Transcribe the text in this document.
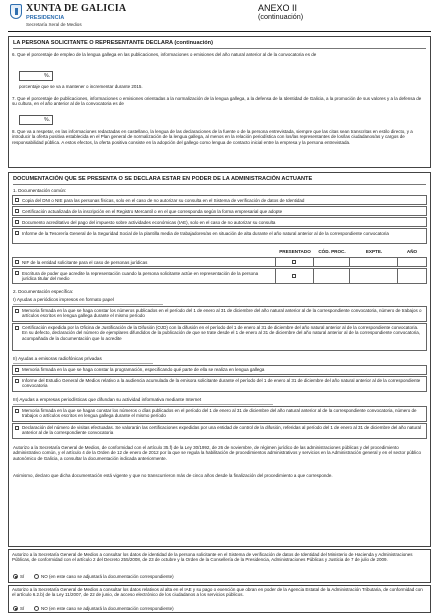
XUNTA DE GALICIA
PRESIDENCIA
Secretaría Xeral de Medios
ANEXO II
(continuación)
LA PERSONA SOLICITANTE O REPRESENTANTE DECLARA (continuación)
6. Que el porcentaje de empleo de la lengua gallega en las publicaciones, informaciones o emisiones del año natural anterior al de la convocatoria es de
%.
porcentaje que se va a mantener o incrementar durante 2015.
7. Que el porcentaje de publicaciones, informaciones o emisiones orientadas a la normalización de la lengua gallega, a la defensa de la Identidad de Galicia, a la promoción de sus valores y a la defensa de su cultura, en el año anterior al de la convocatoria es de
%.
8. Que va a respetar, en las informaciones redactadas en castellano, la lengua de las declaraciones de la fuente o de la persona entrevistada, siempre que las citas sean transcritas en estilo directo, y a introducir la oferta positiva establecida en el Plan general de normalización de la lengua gallega, al menos en la relación periodística con los/las representantes de los/las ciudadanos/as y cargos de responsabilidad pública. A estos efectos, la oferta positiva consiste en la adopción del gallego como lengua de contacto inicial entre la empresa y la persona entrevistada.
DOCUMENTACIÓN QUE SE PRESENTA O SE DECLARA ESTAR EN PODER DE LA ADMINISTRACIÓN ACTUANTE
1. Documentación común:
Copia del DNI o NIE para las personas físicas, solo en el caso de no autorizar su consulta en el Sistema de verificación de datos de Identidad
Certificación actualizada de la inscripción en el Registro Mercantil o en el que corresponda según la forma empresarial que adopte
Documento acreditativo del pago del impuesto sobre actividades económicas (IAE), solo en el caso de no autorizar su consulta
Informe de la Tesorería General de la Seguridad Social de la plantilla media de trabajadores/as en situación de alta durante el año natural anterior al de la correspondiente convocatoria
PRESENTADO	CÓD. PROC.	EXPTE.	AÑO
NIF de la entidad solicitante para el caso de personas jurídicas
Escritura de poder que acredite la representación cuando la persona solicitante actúe en representación de la persona jurídica titular del medio
2. Documentación específica:
I) Ayudas a periódicos impresos en formato papel
Memoria firmada en la que se haga constar los números publicados en el período del 1 de enero al 31 de diciembre del año natural anterior al de la correspondiente convocatoria, número de trabajos o artículos escritos en lengua gallega durante el mismo período
Certificación expedida por la Oficina de Justificación de la Difusión (OJD) con la difusión en el período del 1 de enero al 31 de diciembre del año natural anterior al de la correspondiente convocatoria. En su defecto, declaración del número de ejemplares difundidos de la publicación de que se trate desde el 1 de enero al 31 de diciembre del año natural anterior al de la correspondiente convocatoria, acompañada de la documentación que lo acredite
II) Ayudas a emisoras radiofónicas privadas
Memoria firmada en la que se haga constar la programación, especificando qué parte de ella se realiza en lengua gallega
Informe del Estudio General de Medios relativo a la audiencia acumulada de la emisora solicitante durante el período del 1 de enero al 31 de diciembre del año natural anterior al de la correspondiente convocatoria
III) Ayudas a empresas periodísticas que difundan su actividad informativa mediante Internet
Memoria firmada en la que se hagan constar los números o días publicados en el período del 1 de enero al 31 de diciembre del año natural anterior al de la correspondiente convocatoria, número de trabajos o artículos escritos en lengua gallega durante el mismo período
Declaración del número de visitas efectuadas. Se valorarán las certificaciones expedidas por una entidad de control de la difusión, referidas al período del 1 de enero al 31 de diciembre del año natural anterior al de la correspondiente convocatoria
Autorizo a la Secretaría General de Medios, de conformidad con el artículo 35.f) de la Ley 30/1992, de 26 de noviembre, de régimen jurídico de las administraciones públicas y del procedimiento administrativo común, y el artículo 4 de la Orden de 12 de enero de 2012 por la que se regula la habilitación de procedimientos administrativos y servicios en la Administración general y en el sector público autonómico de Galicia, a consultar la documentación indicada anteriormente.
Asimismo, declaro que dicha documentación está vigente y que no transcurrieron más de cinco años desde la finalización del procedimiento a que corresponde.
Autorizo a la Secretaría General de Medios a consultar los datos de identidad de la persona solicitante en el Sistema de verificación de datos de Identidad del Ministerio de Hacienda y Administraciones Públicas, de conformidad con el artículo 2 del Decreto 255/2008, de 23 de octubre y la Orden de la Consellería de la Presidencia, Administraciones Públicas y Justicia de 7 de julio de 2009.
SÍ	NO (en este caso se adjuntará la documentación correspondiente)
Autorizo a la Secretaría General de Medios a consultar los datos relativos al alta en el IAE y su pago o exención que obran en poder de la Agencia Estatal de la Administración Tributaria, de conformidad con el artículo 6.2.b) de la Ley 11/2007, de 22 de junio, de acceso electrónico de los ciudadanos a los servicios públicos.
SÍ	NO (en este caso se adjuntará la documentación correspondiente)
